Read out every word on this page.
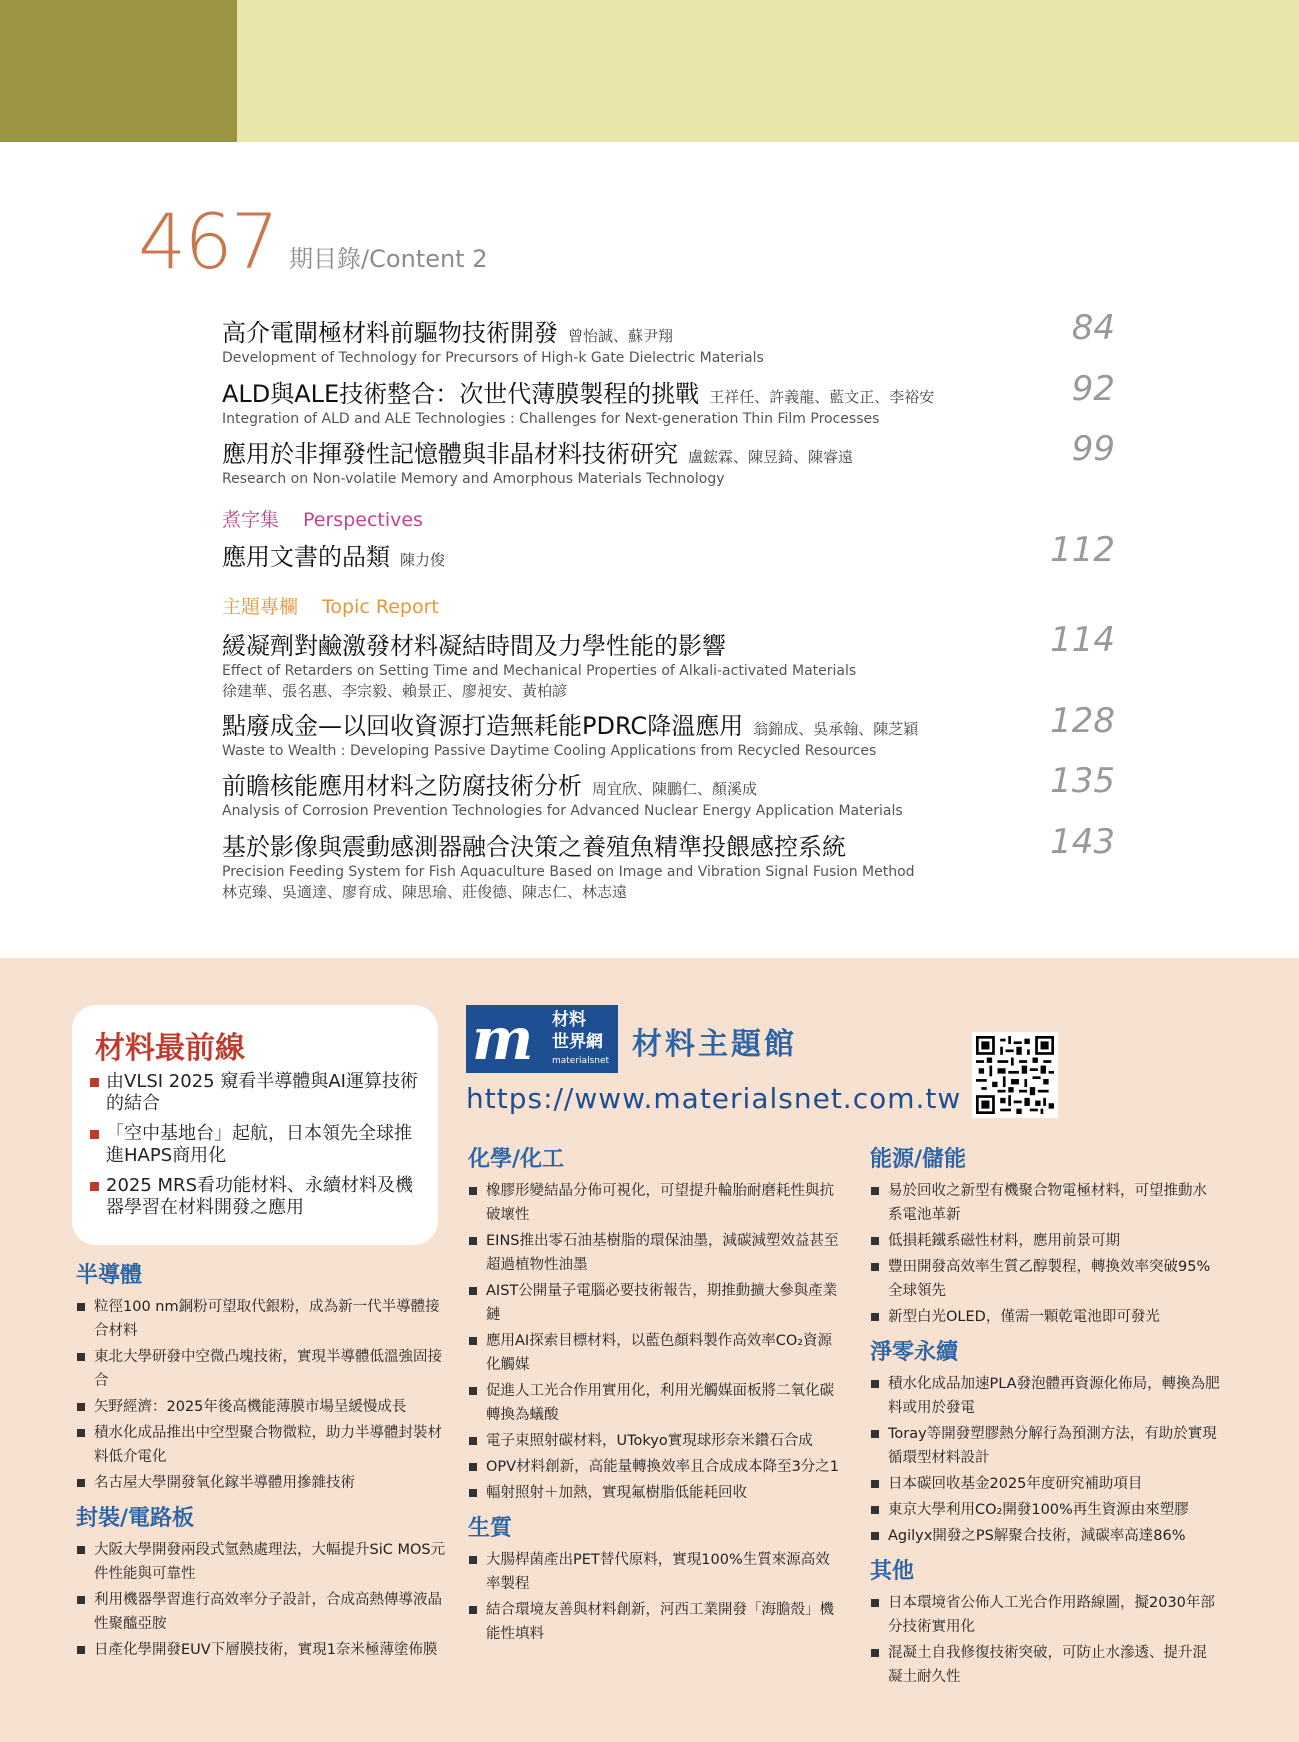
467 期目錄/Content 2
高介電閘極材料前驅物技術開發 曾怡誠、蘇尹翔
Development of Technology for Precursors of High-k Gate Dielectric Materials
84
ALD與ALE技術整合：次世代薄膜製程的挑戰 王祥任、許義龍、藍文正、李裕安
Integration of ALD and ALE Technologies : Challenges for Next-generation Thin Film Processes
92
應用於非揮發性記憶體與非晶材料技術研究 盧鋐霖、陳昱錡、陳睿遠
Research on Non-volatile Memory and Amorphous Materials Technology
99
煮字集 Perspectives
應用文書的品類 陳力俊	112
主題專欄 Topic Report
緩凝劑對鹼激發材料凝結時間及力學性能的影響
Effect of Retarders on Setting Time and Mechanical Properties of Alkali-activated Materials
徐建華、張名惠、李宗毅、賴景正、廖昶安、黃柏諺
114
點廢成金—以回收資源打造無耗能PDRC降溫應用 翁錦成、吳承翰、陳芝穎
Waste to Wealth : Developing Passive Daytime Cooling Applications from Recycled Resources
128
前瞻核能應用材料之防腐技術分析 周宜欣、陳鵬仁、顏溪成
Analysis of Corrosion Prevention Technologies for Advanced Nuclear Energy Application Materials
135
基於影像與震動感測器融合決策之養殖魚精準投餵感控系統
Precision Feeding System for Fish Aquaculture Based on Image and Vibration Signal Fusion Method
林克臻、吳適達、廖育成、陳思瑜、莊俊德、陳志仁、林志遠
143
材料最前線
由VLSI 2025 窺看半導體與AI運算技術的結合
「空中基地台」起航，日本領先全球推進HAPS商用化
2025 MRS看功能材料、永續材料及機器學習在材料開發之應用
m 材料
世界網
materialsnet 材料主題館
https://www.materialsnet.com.tw
半導體
粒徑100 nm銅粉可望取代銀粉，成為新一代半導體接合材料
東北大學研發中空微凸塊技術，實現半導體低溫強固接合
矢野經濟：2025年後高機能薄膜市場呈緩慢成長
積水化成品推出中空型聚合物微粒，助力半導體封裝材料低介電化
名古屋大學開發氧化鎵半導體用摻雜技術
封裝/電路板
大阪大學開發兩段式氫熱處理法，大幅提升SiC MOS元件性能與可靠性
利用機器學習進行高效率分子設計，合成高熱傳導液晶性聚醯亞胺
日產化學開發EUV下層膜技術，實現1奈米極薄塗佈膜
化學/化工
橡膠形變結晶分佈可視化，可望提升輪胎耐磨耗性與抗破壞性
EINS推出零石油基樹脂的環保油墨，減碳減塑效益甚至超過植物性油墨
AIST公開量子電腦必要技術報告，期推動擴大參與產業鏈
應用AI探索目標材料，以藍色顏料製作高效率CO₂資源化觸媒
促進人工光合作用實用化，利用光觸媒面板將二氧化碳轉換為蟻酸
電子束照射碳材料，UTokyo實現球形奈米鑽石合成
OPV材料創新，高能量轉換效率且合成成本降至3分之1
輻射照射＋加熱，實現氟樹脂低能耗回收
生質
大腸桿菌產出PET替代原料，實現100%生質來源高效率製程
結合環境友善與材料創新，河西工業開發「海膽殼」機能性填料
能源/儲能
易於回收之新型有機聚合物電極材料，可望推動水系電池革新
低損耗鐵系磁性材料，應用前景可期
豐田開發高效率生質乙醇製程，轉換效率突破95%全球領先
新型白光OLED，僅需一顆乾電池即可發光
淨零永續
積水化成品加速PLA發泡體再資源化佈局，轉換為肥料或用於發電
Toray等開發塑膠熱分解行為預測方法，有助於實現循環型材料設計
日本碳回收基金2025年度研究補助項目
東京大學利用CO₂開發100%再生資源由來塑膠
Agilyx開發之PS解聚合技術，減碳率高達86%
其他
日本環境省公佈人工光合作用路線圖，擬2030年部分技術實用化
混凝土自我修復技術突破，可防止水滲透、提升混凝土耐久性
